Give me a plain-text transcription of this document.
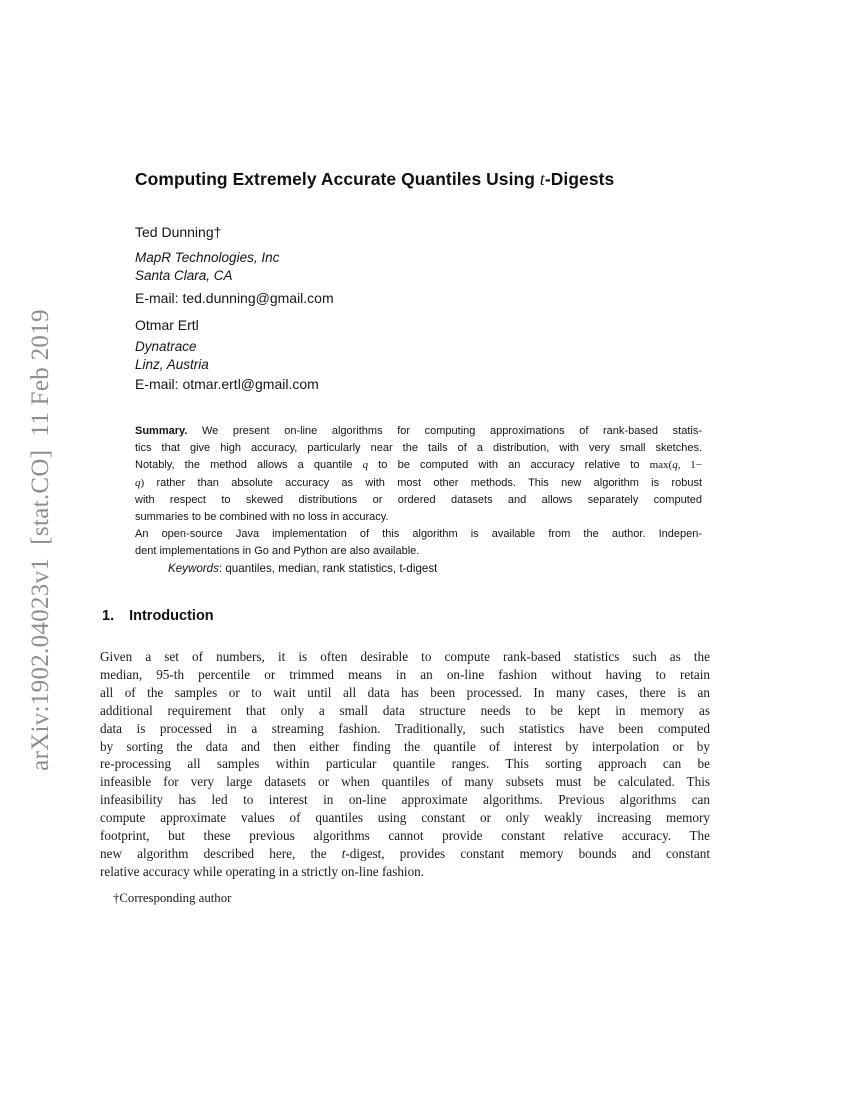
arXiv:1902.04023v1  [stat.CO]  11 Feb 2019
Computing Extremely Accurate Quantiles Using t-Digests
Ted Dunning†
MapR Technologies, Inc
Santa Clara, CA
E-mail: ted.dunning@gmail.com
Otmar Ertl
Dynatrace
Linz, Austria
E-mail: otmar.ertl@gmail.com
Summary. We present on-line algorithms for computing approximations of rank-based statis-
tics that give high accuracy, particularly near the tails of a distribution, with very small sketches.
Notably, the method allows a quantile q to be computed with an accuracy relative to max(q, 1−
q) rather than absolute accuracy as with most other methods. This new algorithm is robust
with respect to skewed distributions or ordered datasets and allows separately computed
summaries to be combined with no loss in accuracy.
An open-source Java implementation of this algorithm is available from the author. Indepen-
dent implementations in Go and Python are also available.
Keywords: quantiles, median, rank statistics, t-digest
1. Introduction
Given a set of numbers, it is often desirable to compute rank-based statistics such as the
median, 95-th percentile or trimmed means in an on-line fashion without having to retain
all of the samples or to wait until all data has been processed. In many cases, there is an
additional requirement that only a small data structure needs to be kept in memory as
data is processed in a streaming fashion. Traditionally, such statistics have been computed
by sorting the data and then either finding the quantile of interest by interpolation or by
re-processing all samples within particular quantile ranges. This sorting approach can be
infeasible for very large datasets or when quantiles of many subsets must be calculated. This
infeasibility has led to interest in on-line approximate algorithms. Previous algorithms can
compute approximate values of quantiles using constant or only weakly increasing memory
footprint, but these previous algorithms cannot provide constant relative accuracy. The
new algorithm described here, the t-digest, provides constant memory bounds and constant
relative accuracy while operating in a strictly on-line fashion.
†Corresponding author
